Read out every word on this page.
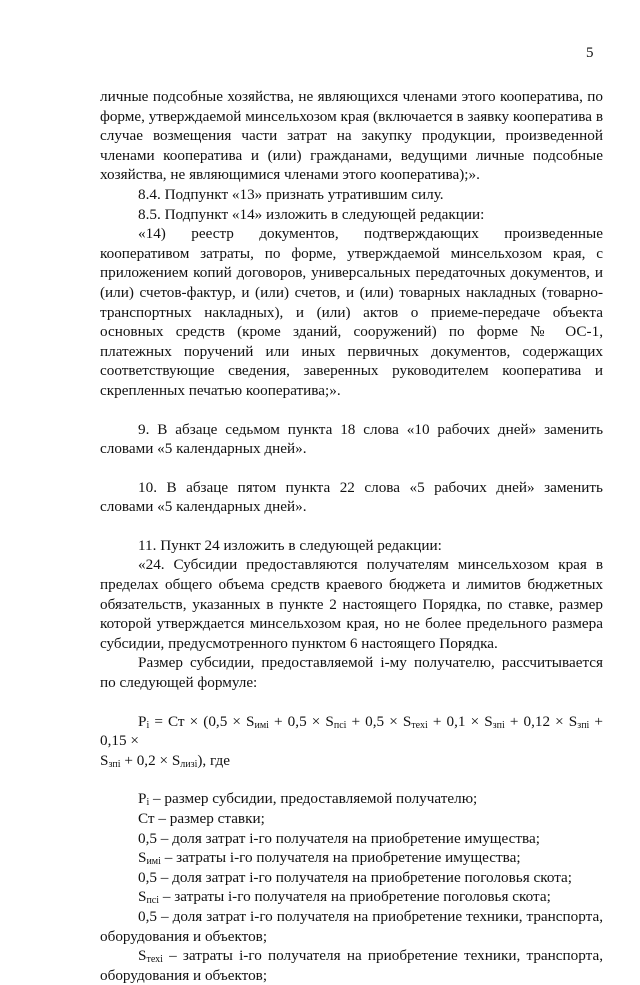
5

личные подсобные хозяйства, не являющихся членами этого кооператива, по форме, утверждаемой минсельхозом края (включается в заявку кооператива в случае возмещения части затрат на закупку продукции, произведенной членами кооператива и (или) гражданами, ведущими личные подсобные хозяйства, не являющимися членами этого кооператива);».

8.4. Подпункт «13» признать утратившим силу.

8.5. Подпункт «14» изложить в следующей редакции:

«14) реестр документов, подтверждающих произведенные кооперативом затраты, по форме, утверждаемой минсельхозом края, с приложением копий договоров, универсальных передаточных документов, и (или) счетов-фактур, и (или) счетов, и (или) товарных накладных (товарно-транспортных накладных), и (или) актов о приеме-передаче объекта основных средств (кроме зданий, сооружений) по форме № ОС-1, платежных поручений или иных первичных документов, содержащих соответствующие сведения, заверенных руководителем кооператива и скрепленных печатью кооператива;».

9. В абзаце седьмом пункта 18 слова «10 рабочих дней» заменить словами «5 календарных дней».

10. В абзаце пятом пункта 22 слова «5 рабочих дней» заменить словами «5 календарных дней».

11. Пункт 24 изложить в следующей редакции:

«24. Субсидии предоставляются получателям минсельхозом края в пределах общего объема средств краевого бюджета и лимитов бюджетных обязательств, указанных в пункте 2 настоящего Порядка, по ставке, размер которой утверждается минсельхозом края, но не более предельного размера субсидии, предусмотренного пунктом 6 настоящего Порядка.

Размер субсидии, предоставляемой i-му получателю, рассчитывается по следующей формуле:

$P_i$ = Ст × ($0,5 \times S_{имi} + 0,5 \times S_{псi} + 0,5 \times S_{техi} + 0,1 \times S_{зпi} + 0,12 \times S_{зпi} + 0,15$ ×

$S_{зпi} + 0,2 \times S_{лизi}$), где

$P_i$ – размер субсидии, предоставляемой получателю;

Ст – размер ставки;

0,5 – доля затрат i-го получателя на приобретение имущества;

$S_{имi}$ – затраты i-го получателя на приобретение имущества;

0,5 – доля затрат i-го получателя на приобретение поголовья скота;

$S_{псi}$ – затраты i-го получателя на приобретение поголовья скота;

0,5 – доля затрат i-го получателя на приобретение техники, транспорта, оборудования и объектов;

$S_{техi}$ – затраты i-го получателя на приобретение техники, транспорта, оборудования и объектов;
